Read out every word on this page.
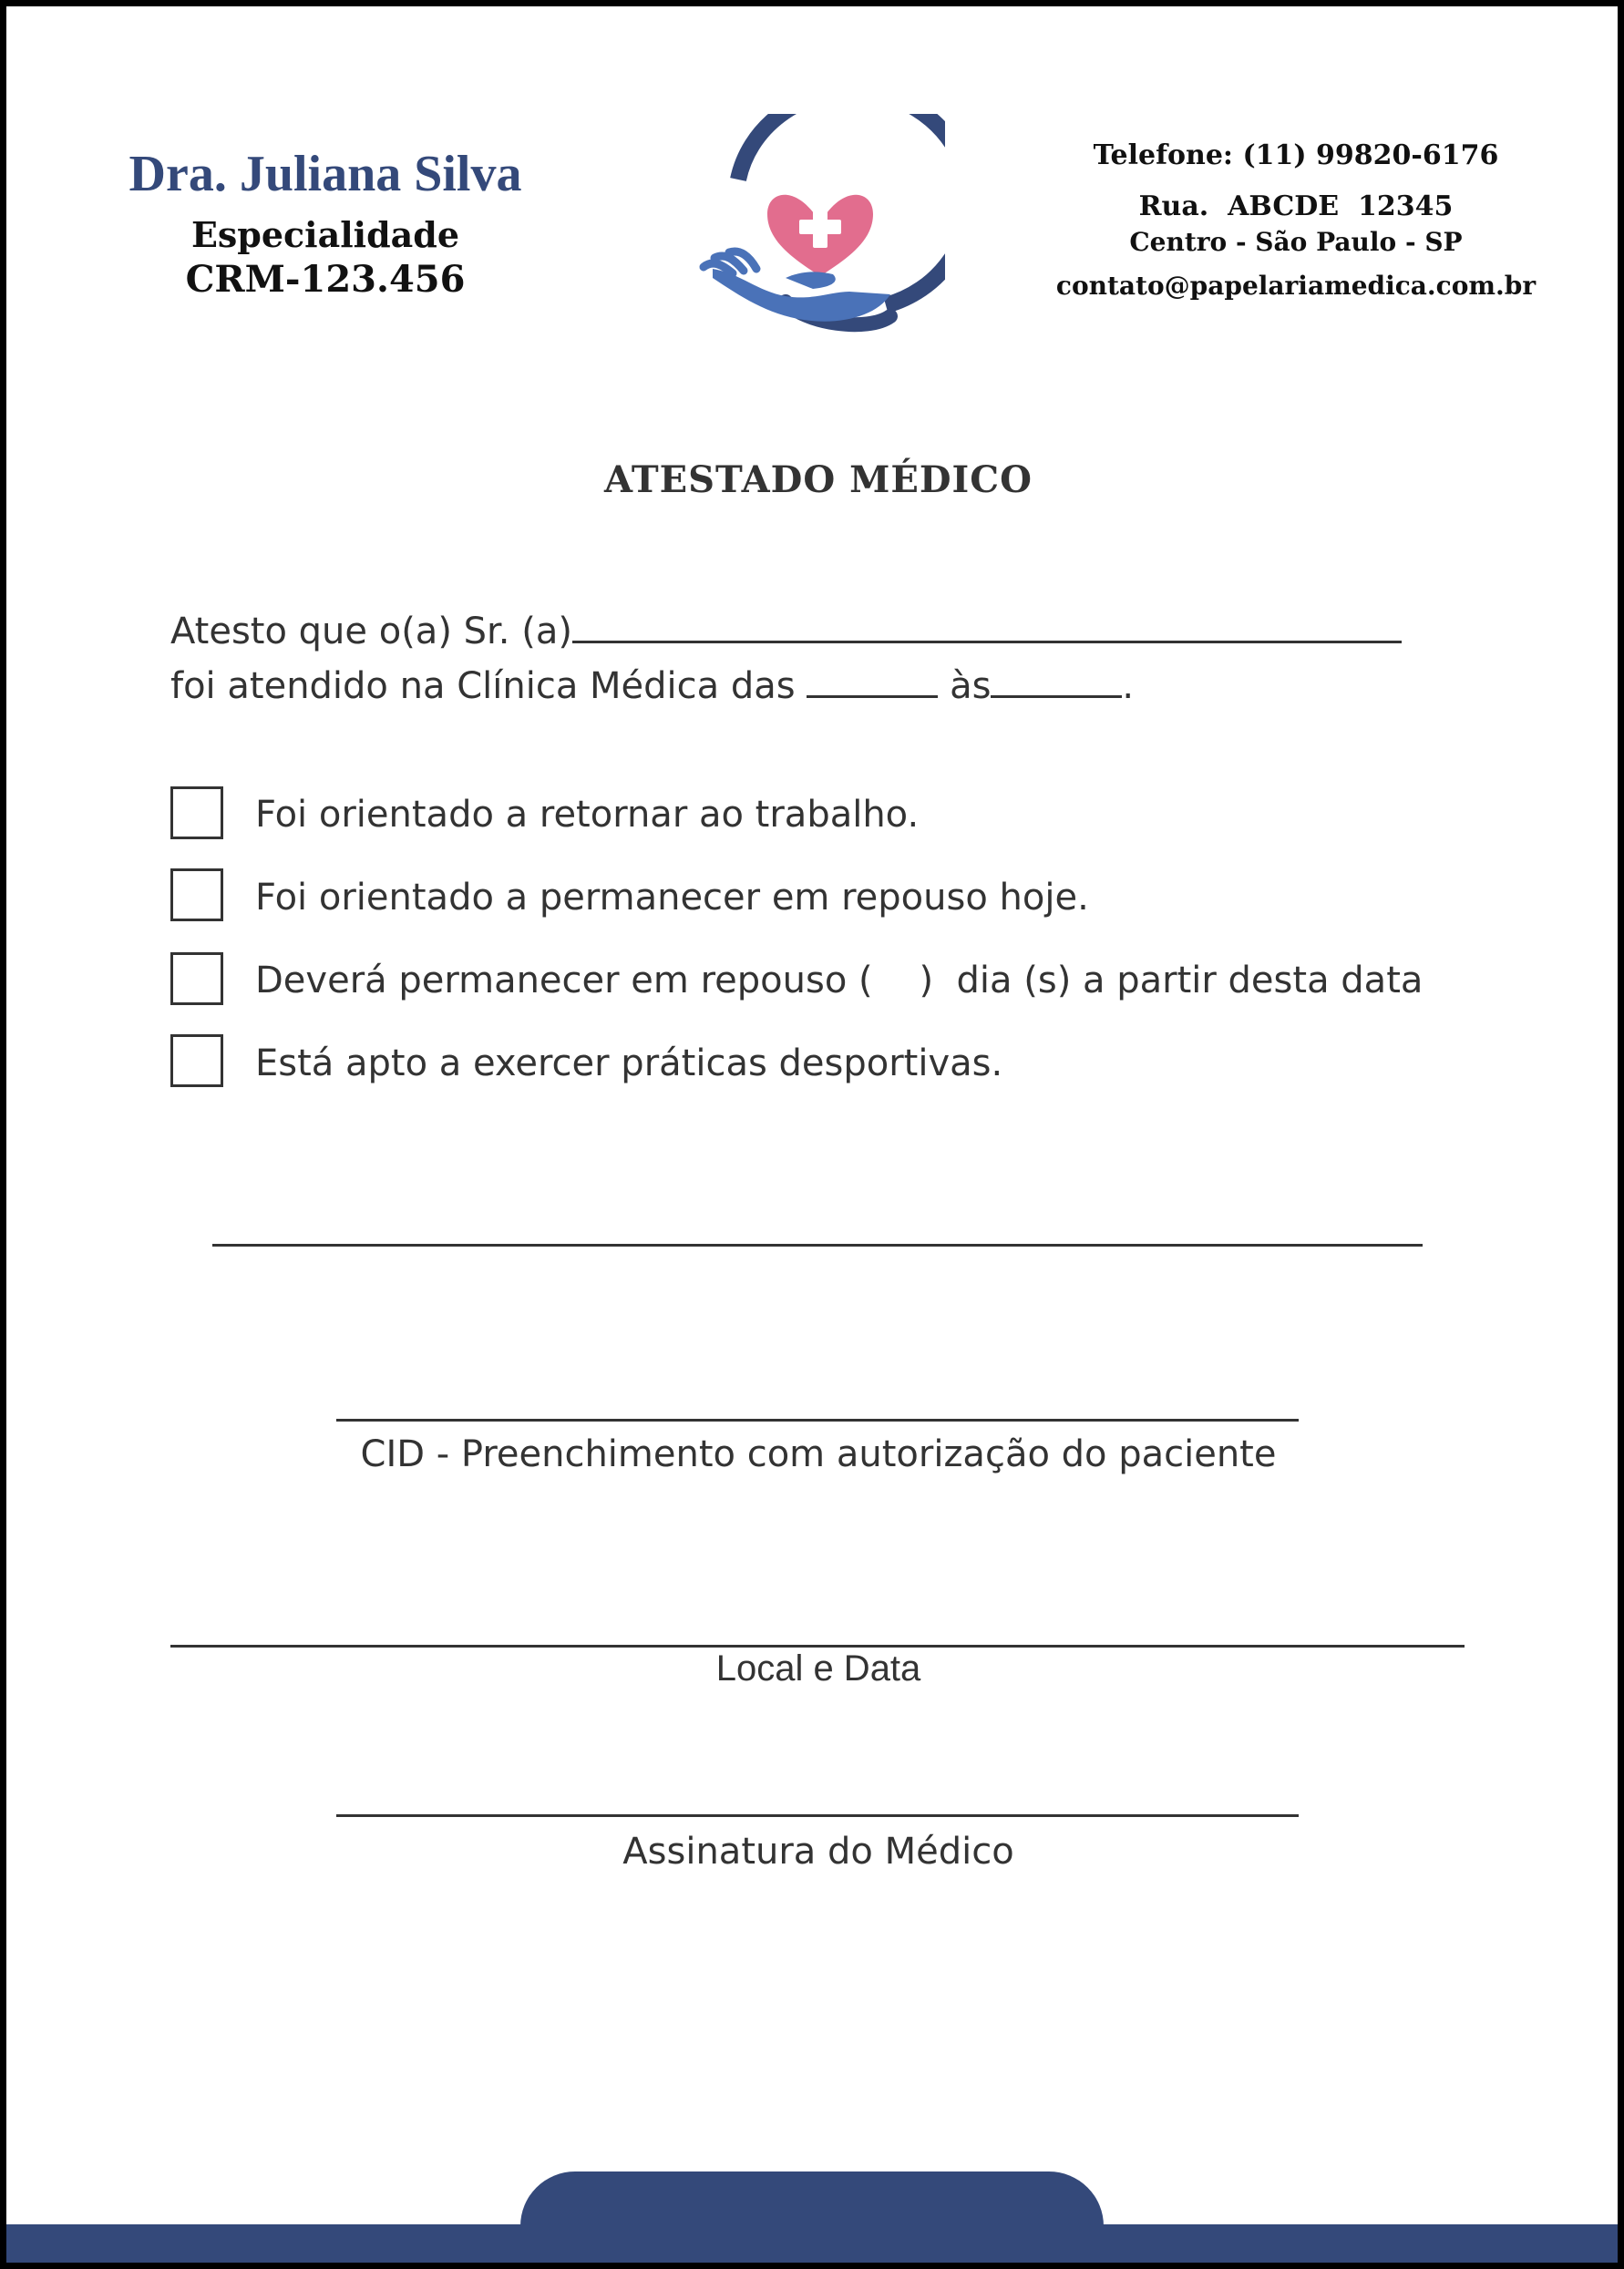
Dra. Juliana Silva
Especialidade
CRM-123.456
Telefone: (11) 99820-6176
Rua.  ABCDE  12345
Centro - São Paulo - SP
contato@papelariamedica.com.br
ATESTADO MÉDICO
Atesto que o(a) Sr. (a)
foi atendido na Clínica Médica das	às	.
Foi orientado a retornar ao trabalho.
Foi orientado a permanecer em repouso hoje.
Deverá permanecer em repouso (    )  dia (s) a partir desta data
Está apto a exercer práticas desportivas.
CID - Preenchimento com autorização do paciente
Local e Data
Assinatura do Médico
